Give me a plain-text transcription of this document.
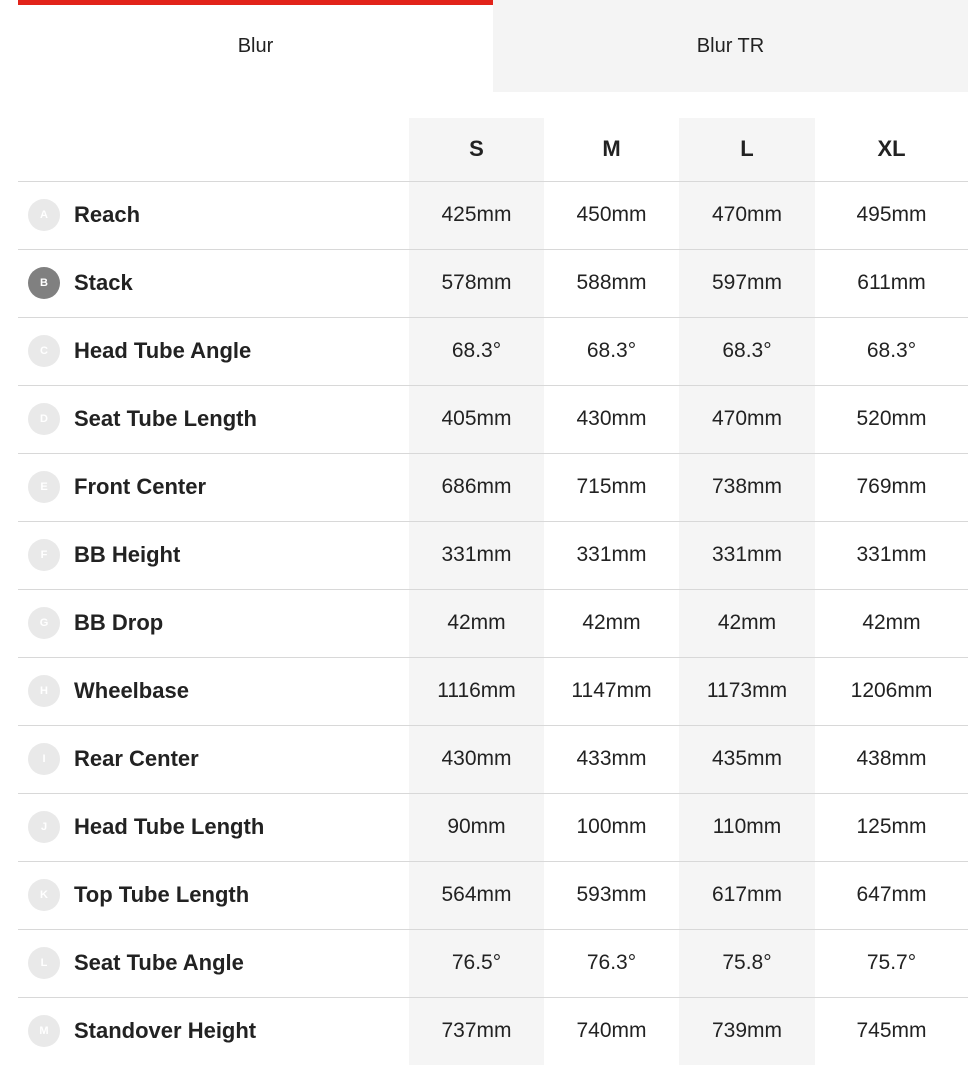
Blur	Blur TR
	S	M	L	XL

A Reach	425mm	450mm	470mm	495mm

B Stack	578mm	588mm	597mm	611mm

C Head Tube Angle	68.3°	68.3°	68.3°	68.3°

D Seat Tube Length	405mm	430mm	470mm	520mm

E Front Center	686mm	715mm	738mm	769mm

F BB Height	331mm	331mm	331mm	331mm

G BB Drop	42mm	42mm	42mm	42mm

H Wheelbase	1116mm	1147mm	1173mm	1206mm

I Rear Center	430mm	433mm	435mm	438mm

J Head Tube Length	90mm	100mm	110mm	125mm

K Top Tube Length	564mm	593mm	617mm	647mm

L Seat Tube Angle	76.5°	76.3°	75.8°	75.7°

M Standover Height	737mm	740mm	739mm	745mm
